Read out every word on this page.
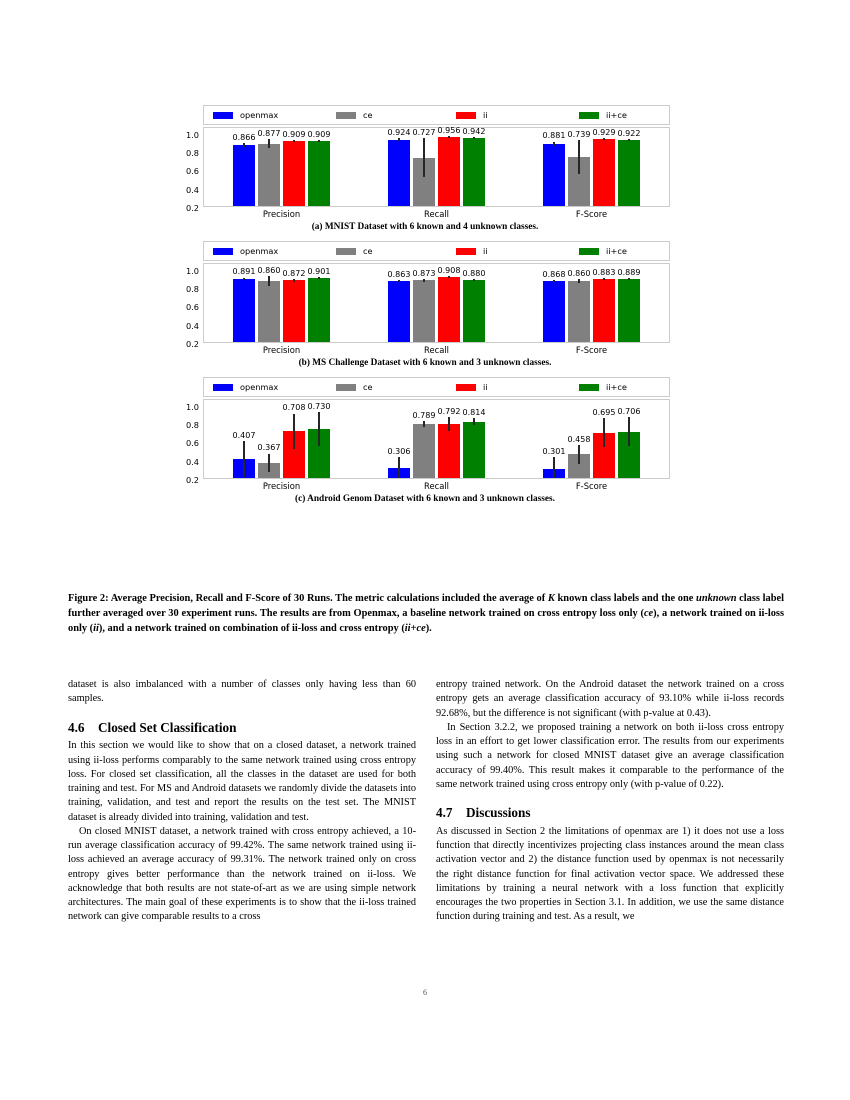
openmax	ce	ii	ii+ce
0.2
0.4
0.6
0.8
1.0	0.866 0.877 0.909 0.909
Precision
0.924 0.727 0.956 0.942
Recall
0.881 0.739 0.929 0.922
F-Score
(a) MNIST Dataset with 6 known and 4 unknown classes.
openmax	ce	ii	ii+ce
0.2
0.4
0.6
0.8
1.0	0.891 0.860 0.872 0.901
Precision
0.863 0.873 0.908 0.880
Recall
0.868 0.860 0.883 0.889
F-Score
(b) MS Challenge Dataset with 6 known and 3 unknown classes.
openmax	ce	ii	ii+ce
0.2
0.4
0.6
0.8
1.0
0.407
0.367
0.708 0.730
Precision
0.306
0.789 0.792 0.814
Recall
0.301
0.458
0.695 0.706
F-Score
(c) Android Genom Dataset with 6 known and 3 unknown classes.
Figure 2: Average Precision, Recall and F-Score of 30 Runs. The metric calculations included the average of K known class labels and the one unknown class label further averaged over 30 experiment runs. The results are from Openmax, a baseline network trained on cross entropy loss only (ce), a network trained on ii-loss only (ii), and a network trained on combination of ii-loss and cross entropy (ii+ce).

dataset is also imbalanced with a number of classes only having less than 60 samples.

4.6 Closed Set Classification

In this section we would like to show that on a closed dataset, a network trained using ii-loss performs comparably to the same network trained using cross entropy loss. For closed set classification, all the classes in the dataset are used for both training and test. For MS and Android datasets we randomly divide the datasets into training, validation, and test and report the results on the test set. The MNIST dataset is already divided into training, validation and test.

On closed MNIST dataset, a network trained with cross entropy achieved, a 10-run average classification accuracy of 99.42%. The same network trained using ii-loss achieved an average accuracy of 99.31%. The network trained only on cross entropy gives better performance than the network trained on ii-loss. We acknowledge that both results are not state-of-art as we are using simple network architectures. The main goal of these experiments is to show that the ii-loss trained network can give comparable results to a cross

entropy trained network. On the Android dataset the network trained on a cross entropy gets an average classification accuracy of 93.10% while ii-loss records 92.68%, but the difference is not significant (with p-value at 0.43).

In Section 3.2.2, we proposed training a network on both ii-loss cross entropy loss in an effort to get lower classification error. The results from our experiments using such a network for closed MNIST dataset give an average classification accuracy of 99.40%. This result makes it comparable to the performance of the same network trained using cross entropy only (with p-value of 0.22).

4.7 Discussions

As discussed in Section 2 the limitations of openmax are 1) it does not use a loss function that directly incentivizes projecting class instances around the mean class activation vector and 2) the distance function used by openmax is not necessarily the right distance function for final activation vector space. We addressed these limitations by training a neural network with a loss function that explicitly encourages the two properties in Section 3.1. In addition, we use the same distance function during training and test. As a result, we

6
